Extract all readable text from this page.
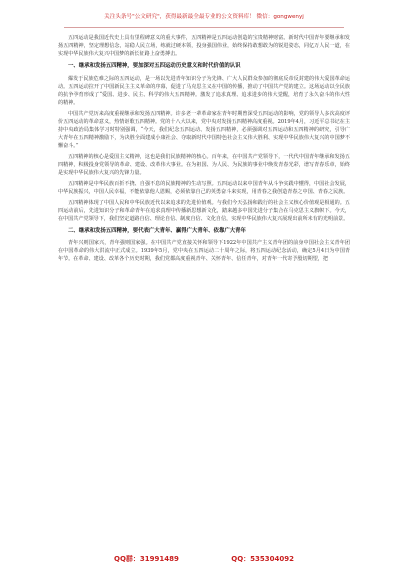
关注头条号"公文研究"，获得最新最全最专业的公文资料库！ 微信：gongwenyj

五四运动是我国近代史上具有里程碑意义的重大事件，五四精神是五四运动创造的宝贵精神财富。新时代中国青年要继承和发扬五四精神，坚定理想信念，站稳人民立场，练就过硬本领，投身强国伟业，始终保持敢想敢为的锐进姿态，同亿万人民一道，在实现中华民族伟大复兴中国梦的新长征路上奋勇搏击。

一、继承和发扬五四精神，要加深对五四运动历史意义和时代价值的认识

爆发于民族危难之际的五四运动，是一场以先进青年知识分子为先锋、广大人民群众参加的彻底反帝反封建的伟大爱国革命运动。五四运动拉开了中国新民主主义革命的序幕，促进了马克思主义在中国的传播，推动了中国共产党的建立。这场运动以全民族的抗争孕育形成了“爱国、进步、民主、科学的伟大五四精神。激发了追求真理、追求进步的伟大觉醒，培育了永久奋斗的伟大性的精神。

中国共产党历来高度重视继承和发扬五四精神。许多老一辈革命家在青年时期曾深受五四运动的影响，党的领导人多次高度评价五四运动的革命意义，热情讴歌五四精神。党的十八大以来，党中央对发扬五四精神高度重视。2019年4月，习近平总书记在主持中央政治局集体学习时特别强调，“今天，我们纪念五四运动、发扬五四精神，必须强调对五四运动和五四精神的研究，引导广大青年在五四精神激励下，为决胜全面建成小康社会、夺取新时代中国特色社会主义伟大胜利、实现中华民族伟大复兴的中国梦不懈奋斗。”

五四精神的核心是爱国主义精神，这也是我们民族精神的核心。百年来，在中国共产党领导下，一代代中国青年继承和发扬五四精神，积极投身党领导的革命、建设、改革伟大事业。在为祖国、为人民、为民族的事业中焕发青春光彩，谱写青春乐章，始终是实现中华民族伟大复兴的先锋力量。

五四精神是中华民族百折不挠、自强不息的民族精神的生动写照。五四运动以来中国青年从斗争实践中懂得，中国社会发展，中华民族振兴，中国人民幸福，不能依靠他人恩赐，必须依靠自己的英勇奋斗来实现，用青春之我创造青春之中国、青春之民族。

五四精神体现了中国人民和中华民族近代以来追求的先进价值观。与我们今天弘扬和践行的社会主义核心价值观是相通的。五四运动前后，先进知识分子和革命青年在追求真理中传播新思想新文化，踏来越多中国先进分子集合在马克思主义旗帜下。今天，在中国共产党领导下，我们坚定道路自信、理论自信、制度自信、文化自信，实现中华民族伟大复兴展现出前所未有的光明前景。

二、继承和发扬五四精神，要代表广大青年、赢得广大青年、依靠广大青年

青年兴则国家兴，青年强则国家强。在中国共产党直接关怀和领导下1922年中国共产主义青年团的前身中国社会主义青年团在中国革命的伟大洪流中正式成立。1939年5月，党中央在五四运动二十周年之际，将五四运动纪念活动，确定5月4日为中国青年节。在革命、建设、改革各个历史时期，我们党都高度重视青年、关怀青年、信任青年，对青年一代寄予殷切期望，把

QQ群：31991489	QQ：535304092
